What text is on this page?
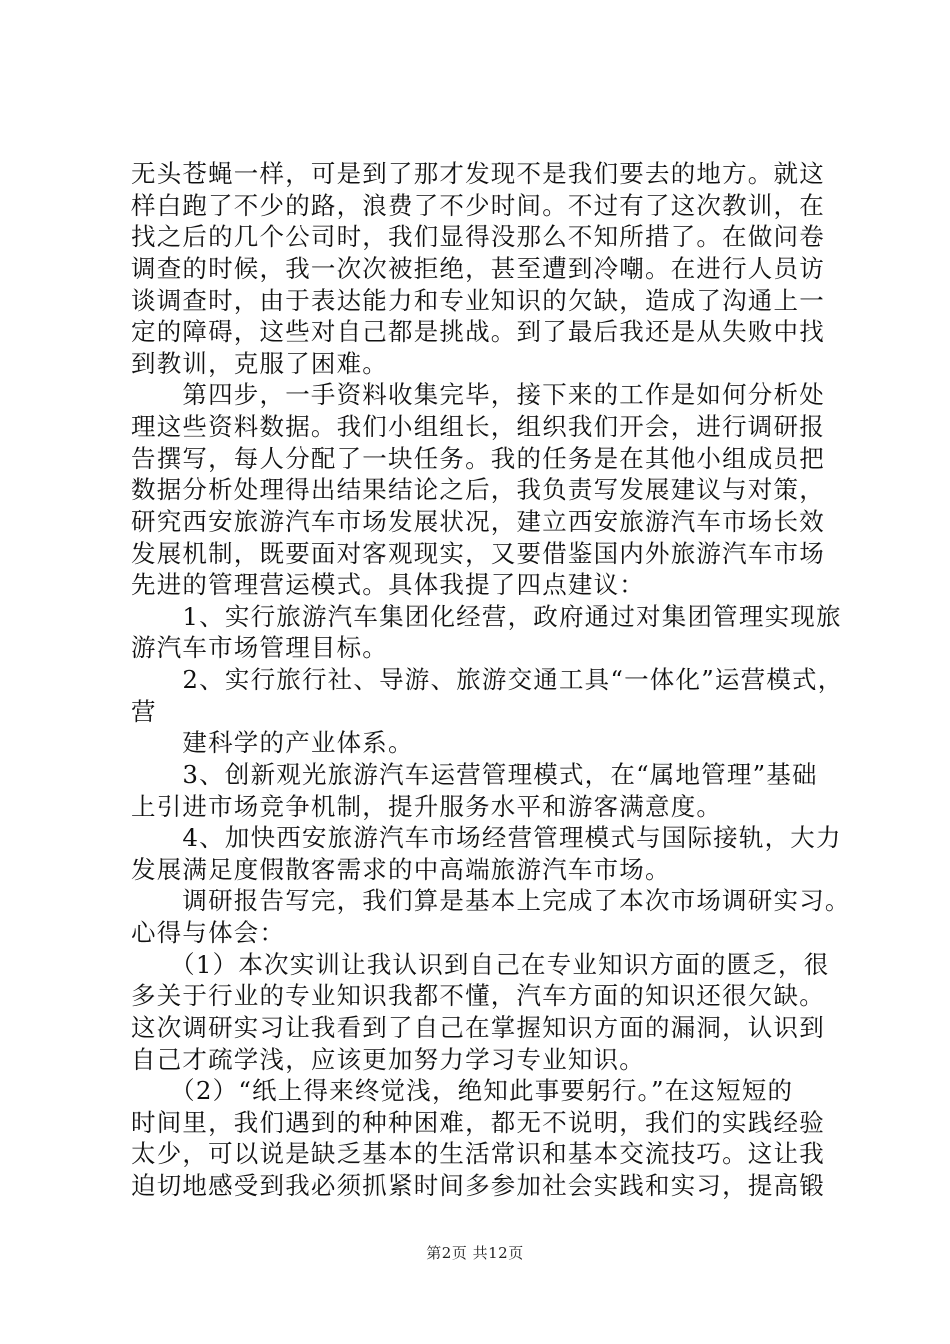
无头苍蝇一样，可是到了那才发现不是我们要去的地方。就这
样白跑了不少的路，浪费了不少时间。不过有了这次教训，在
找之后的几个公司时，我们显得没那么不知所措了。在做问卷
调查的时候，我一次次被拒绝，甚至遭到冷嘲。在进行人员访
谈调查时，由于表达能力和专业知识的欠缺，造成了沟通上一
定的障碍，这些对自己都是挑战。到了最后我还是从失败中找
到教训，克服了困难。
　　第四步，一手资料收集完毕，接下来的工作是如何分析处
理这些资料数据。我们小组组长，组织我们开会，进行调研报
告撰写，每人分配了一块任务。我的任务是在其他小组成员把
数据分析处理得出结果结论之后，我负责写发展建议与对策，
研究西安旅游汽车市场发展状况，建立西安旅游汽车市场长效
发展机制，既要面对客观现实，又要借鉴国内外旅游汽车市场
先进的管理营运模式。具体我提了四点建议：
　　1、实行旅游汽车集团化经营，政府通过对集团管理实现旅
游汽车市场管理目标。
　　2、实行旅行社、导游、旅游交通工具“一体化”运营模式，
营
　　建科学的产业体系。
　　3、创新观光旅游汽车运营管理模式，在“属地管理”基础
上引进市场竞争机制，提升服务水平和游客满意度。
　　4、加快西安旅游汽车市场经营管理模式与国际接轨，大力
发展满足度假散客需求的中高端旅游汽车市场。
　　调研报告写完，我们算是基本上完成了本次市场调研实习。
心得与体会：
　　（1）本次实训让我认识到自己在专业知识方面的匮乏，很
多关于行业的专业知识我都不懂，汽车方面的知识还很欠缺。
这次调研实习让我看到了自己在掌握知识方面的漏洞，认识到
自己才疏学浅，应该更加努力学习专业知识。
　　（2）“纸上得来终觉浅，绝知此事要躬行。”在这短短的
时间里，我们遇到的种种困难，都无不说明，我们的实践经验
太少，可以说是缺乏基本的生活常识和基本交流技巧。这让我
迫切地感受到我必须抓紧时间多参加社会实践和实习，提高锻
第2页 共12页
